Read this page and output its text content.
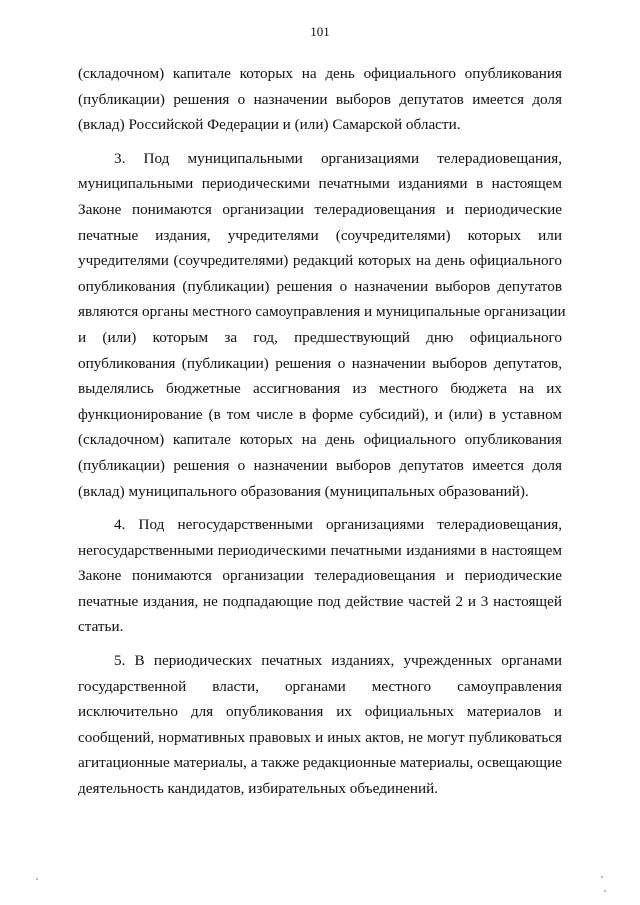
101
(складочном) капитале которых на день официального опубликования
(публикации) решения о назначении выборов депутатов имеется доля
(вклад) Российской Федерации и (или) Самарской области.
3. Под муниципальными организациями телерадиовещания,
муниципальными периодическими печатными изданиями в настоящем
Законе понимаются организации телерадиовещания и периодические
печатные издания, учредителями (соучредителями) которых или
учредителями (соучредителями) редакций которых на день официального
опубликования (публикации) решения о назначении выборов депутатов
являются органы местного самоуправления и муниципальные организации
и (или) которым за год, предшествующий дню официального
опубликования (публикации) решения о назначении выборов депутатов,
выделялись бюджетные ассигнования из местного бюджета на их
функционирование (в том числе в форме субсидий), и (или) в уставном
(складочном) капитале которых на день официального опубликования
(публикации) решения о назначении выборов депутатов имеется доля
(вклад) муниципального образования (муниципальных образований).
4. Под негосударственными организациями телерадиовещания,
негосударственными периодическими печатными изданиями в настоящем
Законе понимаются организации телерадиовещания и периодические
печатные издания, не подпадающие под действие частей 2 и 3 настоящей
статьи.
5. В периодических печатных изданиях, учрежденных органами
государственной власти, органами местного самоуправления
исключительно для опубликования их официальных материалов и
сообщений, нормативных правовых и иных актов, не могут публиковаться
агитационные материалы, а также редакционные материалы, освещающие
деятельность кандидатов, избирательных объединений.
